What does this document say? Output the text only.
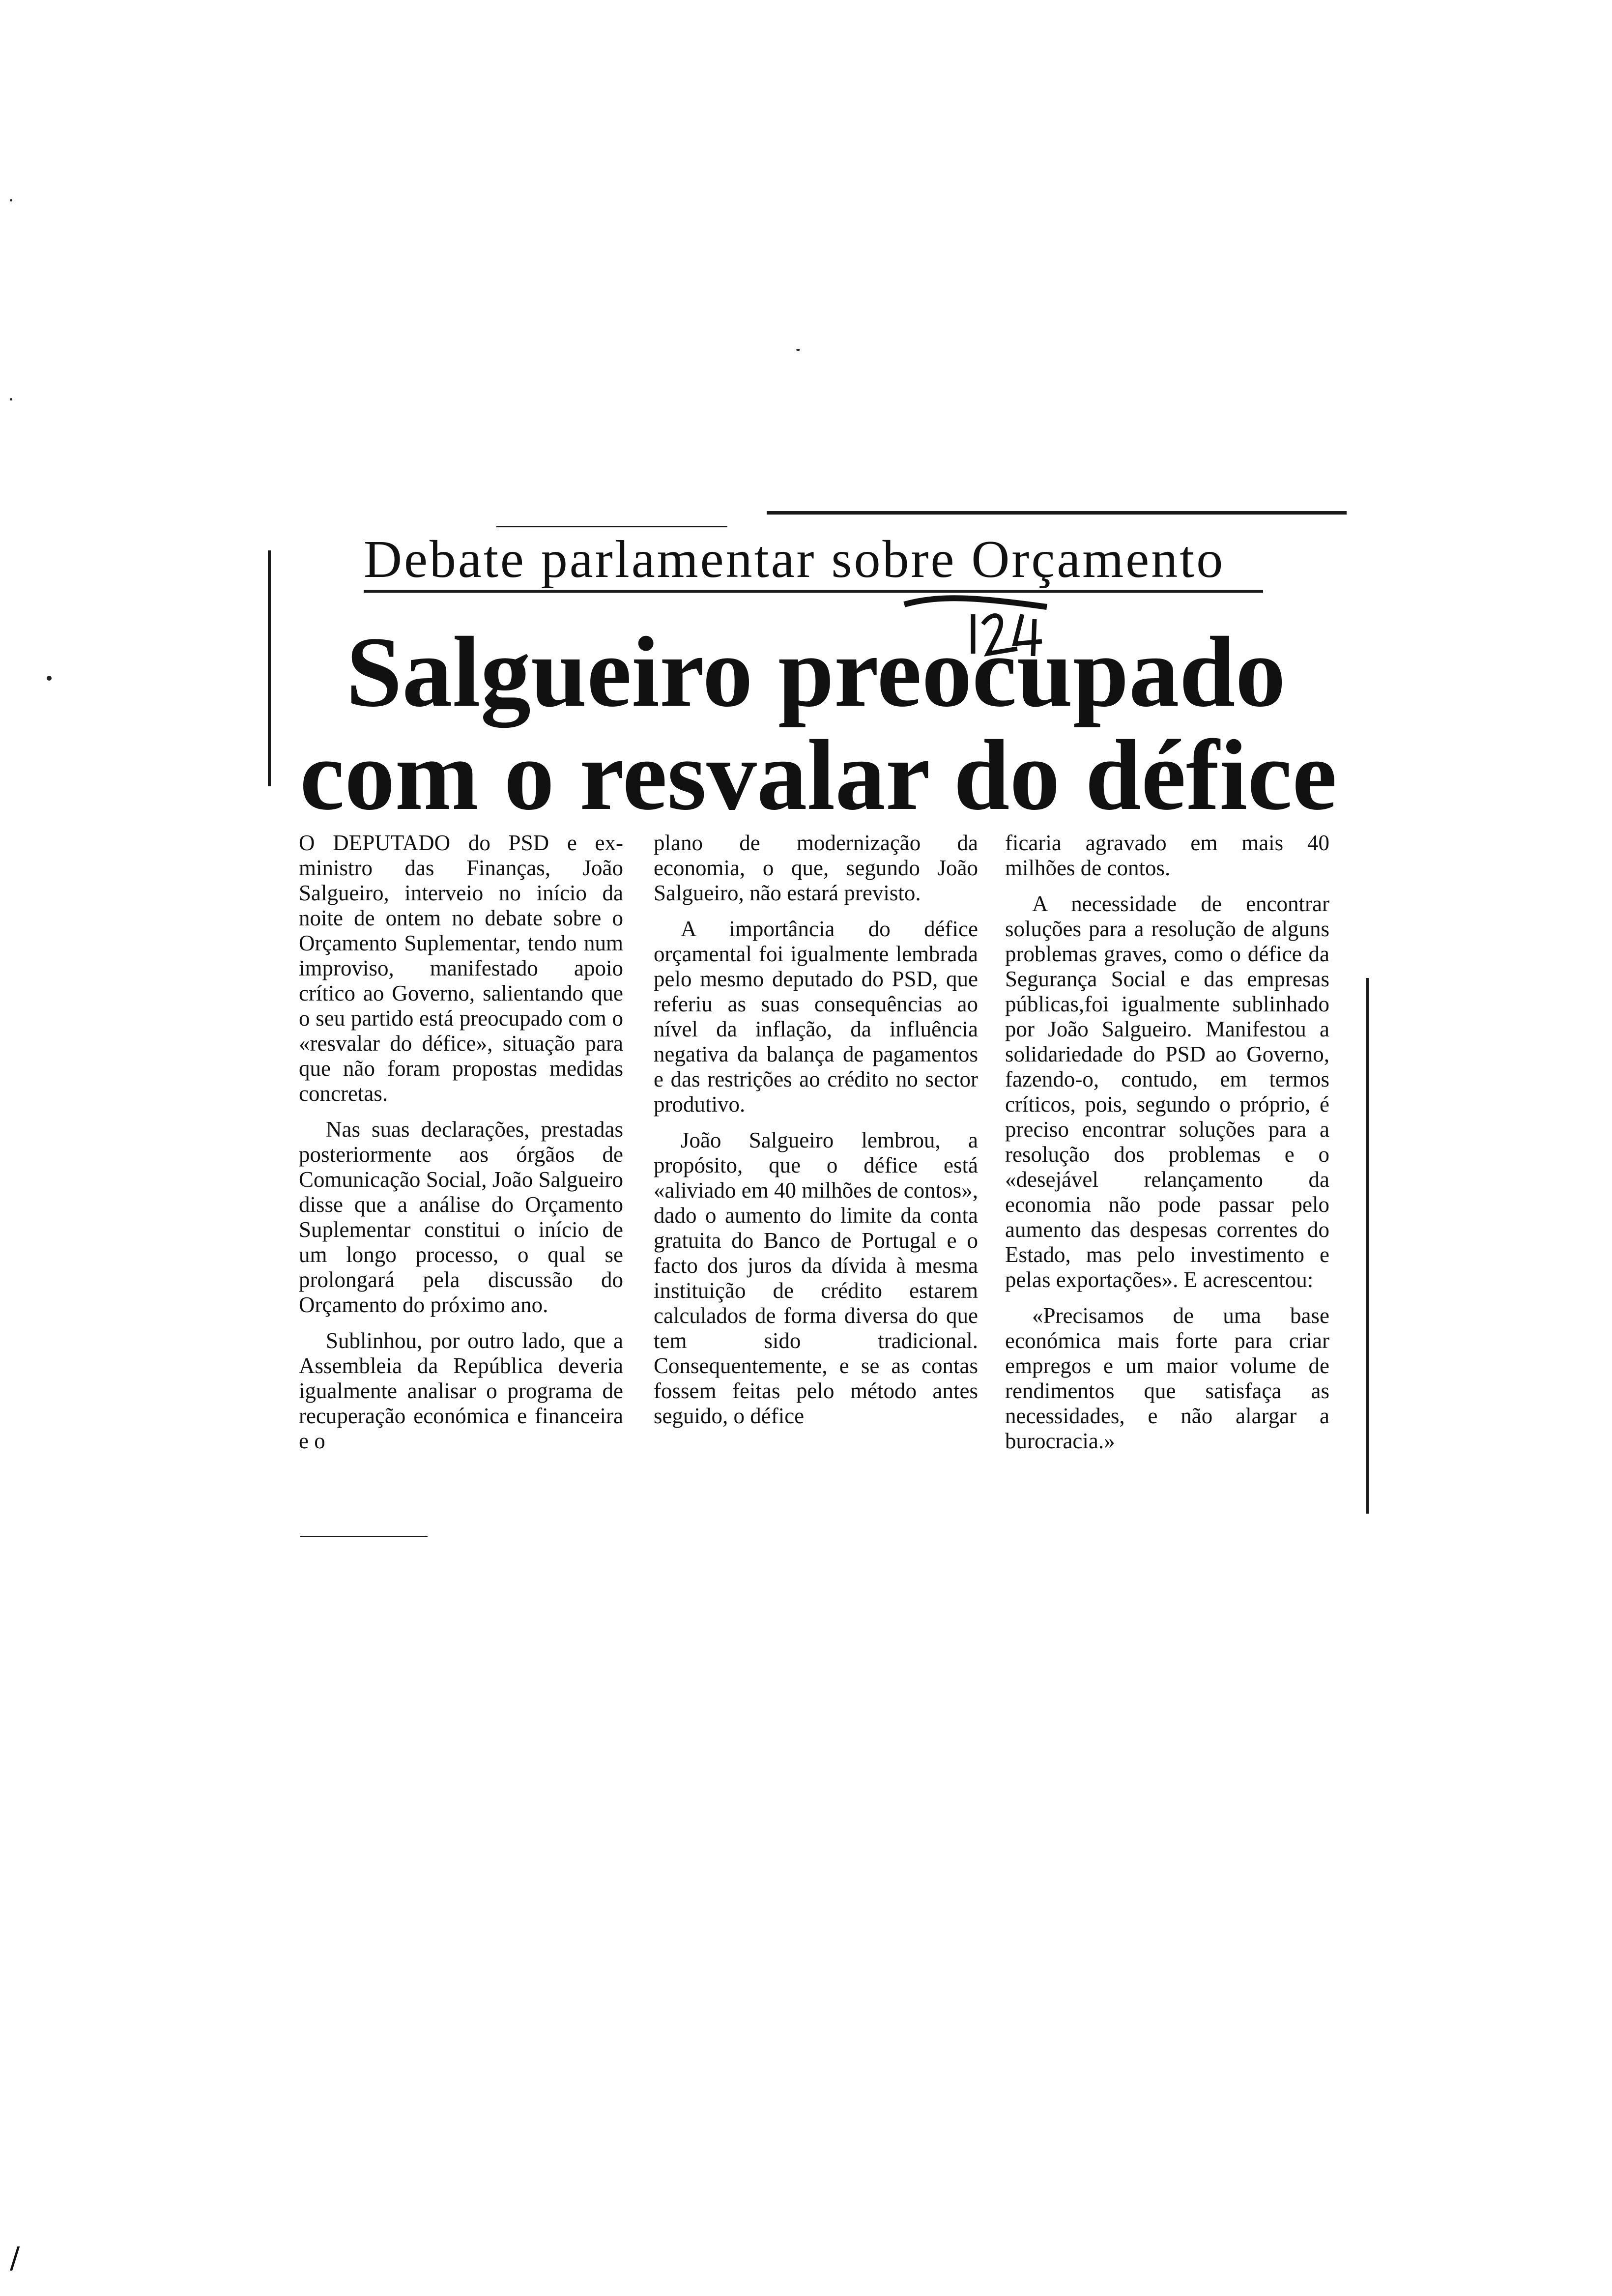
Debate parlamentar sobre Orçamento
Salgueiro preocupado
com o resvalar do défice

O DEPUTADO do PSD e ex-ministro das Finanças, João Salgueiro, interveio no início da noite de ontem no debate sobre o Orçamento Suplementar, tendo num improviso, manifestado apoio crítico ao Governo, salientando que o seu partido está preocupado com o «resvalar do défice», situação para que não foram propostas medidas concretas.

Nas suas declarações, prestadas posteriormente aos órgãos de Comunicação Social, João Salgueiro disse que a análise do Orçamento Suplementar constitui o início de um longo processo, o qual se prolongará pela discussão do Orçamento do próximo ano.

Sublinhou, por outro lado, que a Assembleia da República deveria igualmente analisar o programa de recuperação económica e financeira e o

plano de modernização da economia, o que, segundo João Salgueiro, não estará previsto.

A importância do défice orçamental foi igualmente lembrada pelo mesmo deputado do PSD, que referiu as suas consequências ao nível da inflação, da influência negativa da balança de pagamentos e das restrições ao crédito no sector produtivo.

João Salgueiro lembrou, a propósito, que o défice está «aliviado em 40 milhões de contos», dado o aumento do limite da conta gratuita do Banco de Portugal e o facto dos juros da dívida à mesma instituição de crédito estarem calculados de forma diversa do que tem sido tradicional. Consequentemente, e se as contas fossem feitas pelo método antes seguido, o défice

ficaria agravado em mais 40 milhões de contos.

A necessidade de encontrar soluções para a resolução de alguns problemas graves, como o défice da Segurança Social e das empresas públicas,foi igualmente sublinhado por João Salgueiro. Manifestou a solidariedade do PSD ao Governo, fazendo-o, contudo, em termos críticos, pois, segundo o próprio, é preciso encontrar soluções para a resolução dos problemas e o «desejável relançamento da economia não pode passar pelo aumento das despesas correntes do Estado, mas pelo investimento e pelas exportações». E acrescentou:

«Precisamos de uma base económica mais forte para criar empregos e um maior volume de rendimentos que satisfaça as necessidades, e não alargar a burocracia.»

/
